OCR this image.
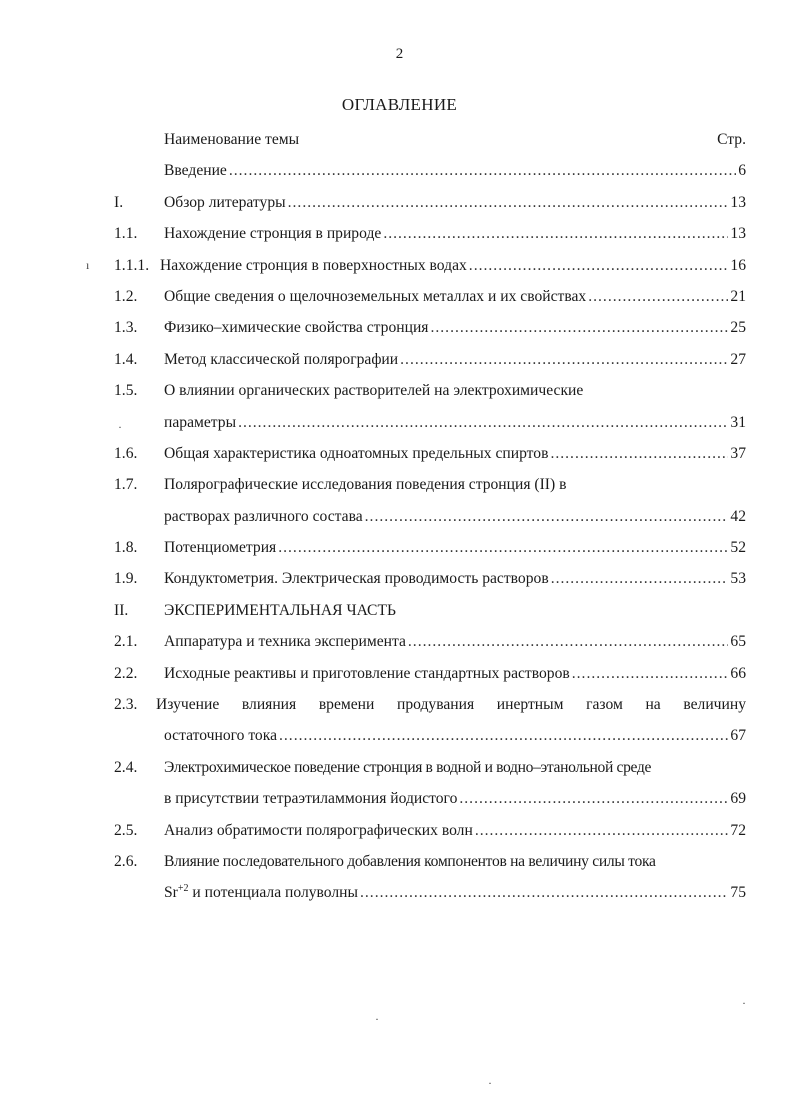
2
ОГЛАВЛЕНИЕ
Наименование темы	Стр.
Введение .....	6
I.	Обзор литературы .....	13
1.1.	Нахождение стронция в природе .....	13
1.1.1. Нахождение стронция в поверхностных водах .....	16
1.2.	Общие сведения о щелочноземельных металлах и их свойствах .....	21
1.3.	Физико–химические свойства стронция .....	25
1.4.	Метод классической полярографии .....	27
1.5.	О влиянии органических растворителей на электрохимические
параметры .....	31
1.6.	Общая характеристика одноатомных предельных спиртов .....	37
1.7.	Полярографические исследования поведения стронция (II) в
растворах различного состава .....	42
1.8.	Потенциометрия .....	52
1.9.	Кондуктометрия. Электрическая проводимость растворов .....	53
II.	ЭКСПЕРИМЕНТАЛЬНАЯ ЧАСТЬ
2.1.	Аппаратура и техника эксперимента .....	65
2.2.	Исходные реактивы и приготовление стандартных растворов .....	66
2.3.	Изучение влияния времени продувания инертным газом на величину
остаточного тока .....	67
2.4.	Электрохимическое поведение стронция в водной и водно–этанольной среде
в присутствии тетраэтиламмония йодистого .....	69
2.5.	Анализ обратимости полярографических волн .....	72
2.6.	Влияние последовательного добавления компонентов на величину силы тока
$Sr^{+2}$ и потенциала полуволны .....	75
ı
·
·
·
·
